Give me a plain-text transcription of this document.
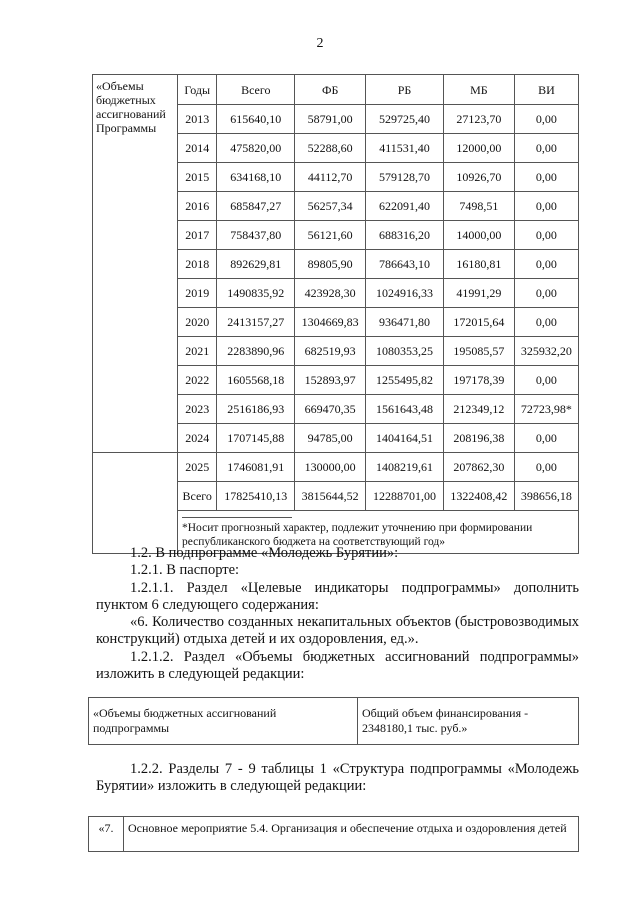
2
«Объемы бюджетных ассигнований Программы	Годы	Всего	ФБ	РБ	МБ	ВИ
	2013	615640,10	58791,00	529725,40	27123,70	0,00
	2014	475820,00	52288,60	411531,40	12000,00	0,00
	2015	634168,10	44112,70	579128,70	10926,70	0,00
	2016	685847,27	56257,34	622091,40	7498,51	0,00
	2017	758437,80	56121,60	688316,20	14000,00	0,00
	2018	892629,81	89805,90	786643,10	16180,81	0,00
	2019	1490835,92	423928,30	1024916,33	41991,29	0,00
	2020	2413157,27	1304669,83	936471,80	172015,64	0,00
	2021	2283890,96	682519,93	1080353,25	195085,57	325932,20
	2022	1605568,18	152893,97	1255495,82	197178,39	0,00
	2023	2516186,93	669470,35	1561643,48	212349,12	72723,98*
	2024	1707145,88	94785,00	1404164,51	208196,38	0,00
	2025	1746081,91	130000,00	1408219,61	207862,30	0,00
	Всего	17825410,13	3815644,52	12288701,00	1322408,42	398656,18

	*Носит прогнозный характер, подлежит уточнению при формировании республиканского бюджета на соответствующий год»					
1.2. В подпрограмме «Молодежь Бурятии»:
1.2.1. В паспорте:
1.2.1.1. Раздел «Целевые индикаторы подпрограммы» дополнить пунктом 6 следующего содержания:
«6. Количество созданных некапитальных объектов (быстровозводимых конструкций) отдыха детей и их оздоровления, ед.».
1.2.1.2. Раздел «Объемы бюджетных ассигнований подпрограммы» изложить в следующей редакции:
«Объемы бюджетных ассигнований подпрограммы	Общий объем финансирования - 2348180,1 тыс. руб.»
1.2.2. Разделы 7 - 9 таблицы 1 «Структура подпрограммы «Молодежь Бурятии» изложить в следующей редакции:
«7.	Основное мероприятие 5.4. Организация и обеспечение отдыха и оздоровления детей
